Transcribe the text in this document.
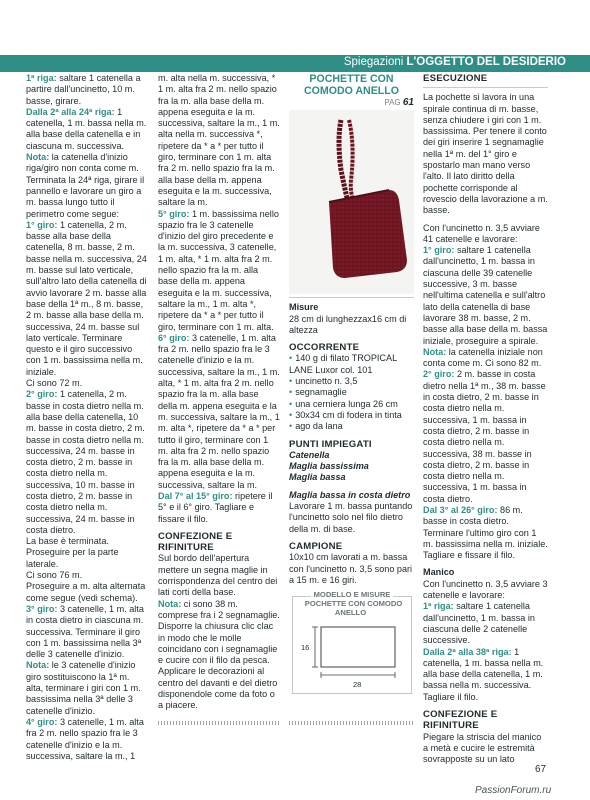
Spiegazioni L'OGGETTO DEL DESIDERIO

1ª riga: saltare 1 catenella a partire dall'uncinetto, 10 m. basse, girare.

Dalla 2ª alla 24ª riga: 1 catenella, 1 m. bassa nella m. alla base della catenella e in ciascuna m. successiva.

Nota: la catenella d'inizio riga/giro non conta come m. Terminata la 24ª riga, girare il pannello e lavorare un giro a m. bassa lungo tutto il perimetro come segue:

1° giro: 1 catenella, 2 m. basse alla base della catenella, 8 m. basse, 2 m. basse nella m. successiva, 24 m. basse sul lato verticale, sull'altro lato della catenella di avvio lavorare 2 m. basse alla base della 1ª m., 8 m. basse, 2 m. basse alla base della m. successiva, 24 m. basse sul lato verticale. Terminare questo e il giro successivo con 1 m. bassissima nella m. iniziale.

Ci sono 72 m.

2° giro: 1 catenella, 2 m. basse in costa dietro nella m. alla base della catenella, 10 m. basse in costa dietro, 2 m. basse in costa dietro nella m. successiva, 24 m. basse in costa dietro, 2 m. basse in costa dietro nella m. successiva, 10 m. basse in costa dietro, 2 m. basse in costa dietro nella m. successiva, 24 m. basse in costa dietro.

La base è terminata.

Proseguire per la parte laterale.

Ci sono 76 m.

Proseguire a m. alta alternata come segue (vedi schema).

3° giro: 3 catenelle, 1 m. alta in costa dietro in ciascuna m. successiva. Terminare il giro con 1 m. bassissima nella 3ª delle 3 catenelle d'inizio.

Nota: le 3 catenelle d'inizio giro sostituiscono la 1ª m. alta, terminare i giri con 1 m. bassissima nella 3ª delle 3 catenelle d'inizio.

4° giro: 3 catenelle, 1 m. alta fra 2 m. nello spazio fra le 3 catenelle d'inizio e la m. successiva, saltare la m., 1

m. alta nella m. successiva, * 1 m. alta fra 2 m. nello spazio fra la m. alla base della m. appena eseguita e la m. successiva, saltare la m., 1 m. alta nella m. successiva *, ripetere da * a * per tutto il giro, terminare con 1 m. alta fra 2 m. nello spazio fra la m. alla base della m. appena eseguita e la m. successiva, saltare la m.

5° giro: 1 m. bassissima nello spazio fra le 3 catenelle d'inizio del giro precedente e la m. successiva, 3 catenelle, 1 m. alta, * 1 m. alta fra 2 m. nello spazio fra la m. alla base della m. appena eseguita e la m. successiva, saltare la m., 1 m. alta *, ripetere da * a * per tutto il giro, terminare con 1 m. alta.

6° giro: 3 catenelle, 1 m. alta fra 2 m. nello spazio fra le 3 catenelle d'inizio e la m. successiva, saltare la m., 1 m. alta, * 1 m. alta fra 2 m. nello spazio fra la m. alla base della m. appena eseguita e la m. successiva, saltare la m., 1 m. alta *, ripetere da * a * per tutto il giro, terminare con 1 m. alta fra 2 m. nello spazio fra la m. alla base della m. appena eseguita e la m. successiva, saltare la m.

Dal 7° al 15° giro: ripetere il 5° e il 6° giro. Tagliare e fissare il filo.

CONFEZIONE E RIFINITURE

Sul bordo dell'apertura mettere un segna maglie in corrispondenza del centro dei lati corti della base.

Nota: ci sono 38 m. comprese fra i 2 segnamaglie. Disporre la chiusura clic clac in modo che le molle coincidano con i segnamaglie e cucire con il filo da pesca. Applicare le decorazioni al centro del davanti e del dietro disponendole come da foto o a piacere.

POCHETTE CON COMODO ANELLO

PAG 61

Misure

28 cm di lunghezzax16 cm di altezza

OCCORRENTE

• 140 g di filato TROPICAL LANE Luxor col. 101

• uncinetto n. 3,5

• segnamaglie

• una cerniera lunga 26 cm

• 30x34 cm di fodera in tinta

• ago da lana

PUNTI IMPIEGATI

Catenella

Maglia bassissima

Maglia bassa

Maglia bassa in costa dietro

Lavorare 1 m. bassa puntando l'uncinetto solo nel filo dietro della m. di base.

CAMPIONE

10x10 cm lavorati a m. bassa con l'uncinetto n. 3,5 sono pari a 15 m. e 16 giri.

MODELLO E MISURE
POCHETTE CON COMODO ANELLO
16
28

ESECUZIONE

La pochette si lavora in una spirale continua di m. basse, senza chiudere i giri con 1 m. bassissima. Per tenere il conto dei giri inserire 1 segnamaglie nella 1ª m. del 1° giro e spostarlo man mano verso l'alto. Il lato diritto della pochette corrisponde al rovescio della lavorazione a m. basse.

Con l'uncinetto n. 3,5 avviare 41 catenelle e lavorare:

1° giro: saltare 1 catenella dall'uncinetto, 1 m. bassa in ciascuna delle 39 catenelle successive, 3 m. basse nell'ultima catenella e sull'altro lato della catenella di base lavorare 38 m. basse, 2 m. basse alla base della m. bassa iniziale, proseguire a spirale.

Nota: la catenella iniziale non conta come m. Ci sono 82 m.

2° giro: 2 m. basse in costa dietro nella 1ª m., 38 m. basse in costa dietro, 2 m. basse in costa dietro nella m. successiva, 1 m. bassa in costa dietro, 2 m. basse in costa dietro nella m. successiva, 38 m. basse in costa dietro, 2 m. basse in costa dietro nella m. successiva, 1 m. bassa in costa dietro.

Dal 3° al 26° giro: 86 m. basse in costa dietro. Terminare l'ultimo giro con 1 m. bassissima nella m. iniziale. Tagliare e fissare il filo.

Manico

Con l'uncinetto n. 3,5 avviare 3 catenelle e lavorare:

1ª riga: saltare 1 catenella dall'uncinetto, 1 m. bassa in ciascuna delle 2 catenelle successive.

Dalla 2ª alla 38ª riga: 1 catenella, 1 m. bassa nella m. alla base della catenella, 1 m. bassa nella m. successiva. Tagliare il filo.

CONFEZIONE E RIFINITURE

Piegare la striscia del manico a metà e cucire le estremità sovrapposte su un lato

67
PassionForum.ru
